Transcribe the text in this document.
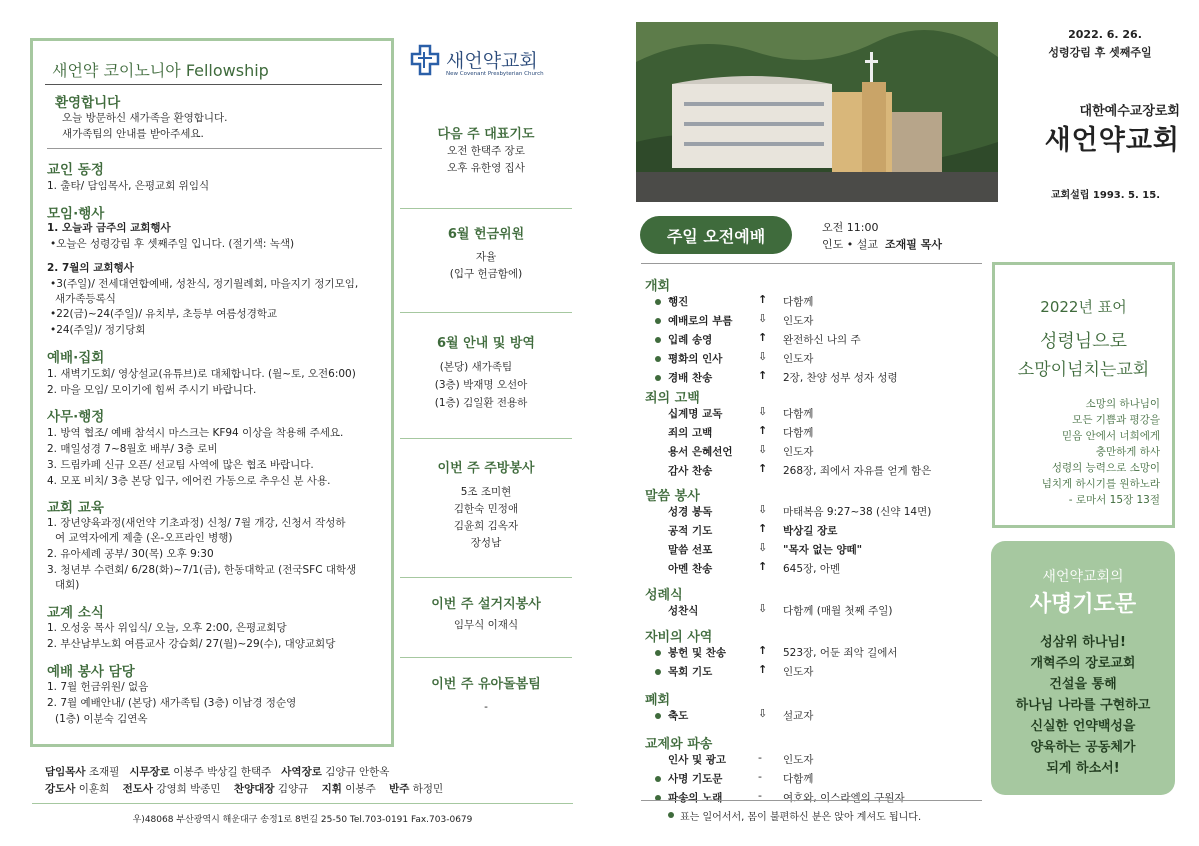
새언약 코이노니아 Fellowship
환영합니다
오늘 방문하신 새가족을 환영합니다.
새가족팀의 안내를 받아주세요.
교인 동정
1. 출타/ 담임목사, 은평교회 위임식
모임·행사
1. 오늘과 금주의 교회행사
•오늘은 성령강림 후 셋째주일 입니다. (절기색: 녹색)
2. 7월의 교회행사
•3(주일)/ 전세대연합예배, 성찬식, 정기월례회, 마을지기 정기모임,
새가족등록식
•22(금)~24(주일)/ 유치부, 초등부 여름성경학교
•24(주일)/ 정기당회
예배·집회
1. 새벽기도회/ 영상설교(유튜브)로 대체합니다. (월~토, 오전6:00)
2. 마을 모임/ 모이기에 힘써 주시기 바랍니다.
사무·행정
1. 방역 협조/ 예배 참석시 마스크는 KF94 이상을 착용해 주세요.
2. 매일성경 7~8월호 배부/ 3층 로비
3. 드림카페 신규 오픈/ 선교팀 사역에 많은 협조 바랍니다.
4. 모포 비치/ 3층 본당 입구, 에어컨 가동으로 추우신 분 사용.
교회 교육
1. 장년양육과정(새언약 기초과정) 신청/ 7월 개강, 신청서 작성하
여 교역자에게 제출 (온-오프라인 병행)
2. 유아세례 공부/ 30(목) 오후 9:30
3. 청년부 수련회/ 6/28(화)~7/1(금), 한동대학교 (전국SFC 대학생
대회)
교계 소식
1. 오성웅 목사 위임식/ 오늘, 오후 2:00, 은평교회당
2. 부산남부노회 여름교사 강습회/ 27(월)~29(수), 대양교회당
예배 봉사 담당
1. 7월 헌금위원/ 없음
2. 7월 예배안내/ (본당) 새가족팀 (3층) 이남경 정순영
(1층) 이분숙 김연옥
새언약교회
New Covenant Presbyterian Church
다음 주 대표기도
오전 한택주 장로
오후 유한영 집사
6월 헌금위원
자율
(입구 헌금함에)
6월 안내 및 방역
(본당) 새가족팀
(3층) 박재명 오선아
(1층) 김일환 전용하
이번 주 주방봉사
5조 조미현
김한숙 민정애
김윤희 김옥자
장성남
이번 주 설거지봉사
임무식 이재식
이번 주 유아돌봄팀
-
담임목사 조재필 시무장로 이봉주 박상길 한택주 사역장로 김양규 안한옥
강도사 이훈희 전도사 강영희 박종민 찬양대장 김양규 지휘 이봉주 반주 하정민
우)48068 부산광역시 해운대구 송정1로 8번길 25-50 Tel.703-0191 Fax.703-0679
2022. 6. 26.
성령강림 후 셋째주일
대한예수교장로회
새언약교회
교회설립 1993. 5. 15.
주일 오전예배	오전 11:00
인도 • 설교 조재필 목사
개회
행진	↑ 다함께
예배로의 부름 ⇩ 인도자
입례 송영	↑ 완전하신 나의 주
평화의 인사	⇩ 인도자
경배 찬송	↑ 2장, 찬양 성부 성자 성령
죄의 고백
십계명 교독	⇩ 다함께
죄의 고백	↑ 다함께
용서 은혜선언 ⇩ 인도자
감사 찬송	↑ 268장, 죄에서 자유를 얻게 함은
말씀 봉사
성경 봉독	⇩ 마태복음 9:27~38 (신약 14면)
공적 기도	↑ 박상길 장로
말씀 선포	⇩ "목자 없는 양떼"
아멘 찬송	↑ 645장, 아멘
성례식
성찬식	⇩ 다함께 (매월 첫째 주일)
자비의 사역
봉헌 및 찬송	↑ 523장, 어둔 죄악 길에서
목회 기도	↑ 인도자
폐회
축도	⇩ 설교자
교제와 파송
인사 및 광고	- 인도자
사명 기도문	- 다함께
파송의 노래	- 여호와, 이스라엘의 구원자
표는 일어서서, 몸이 불편하신 분은 앉아 계셔도 됩니다.
2022년 표어
성령님으로
소망이넘치는교회
소망의 하나님이
모든 기쁨과 평강을
믿음 안에서 너희에게
충만하게 하사
성령의 능력으로 소망이
넘치게 하시기를 원하노라
- 로마서 15장 13절
새언약교회의
사명기도문
성삼위 하나님!
개혁주의 장로교회
건설을 통해
하나님 나라를 구현하고
신실한 언약백성을
양육하는 공동체가
되게 하소서!
